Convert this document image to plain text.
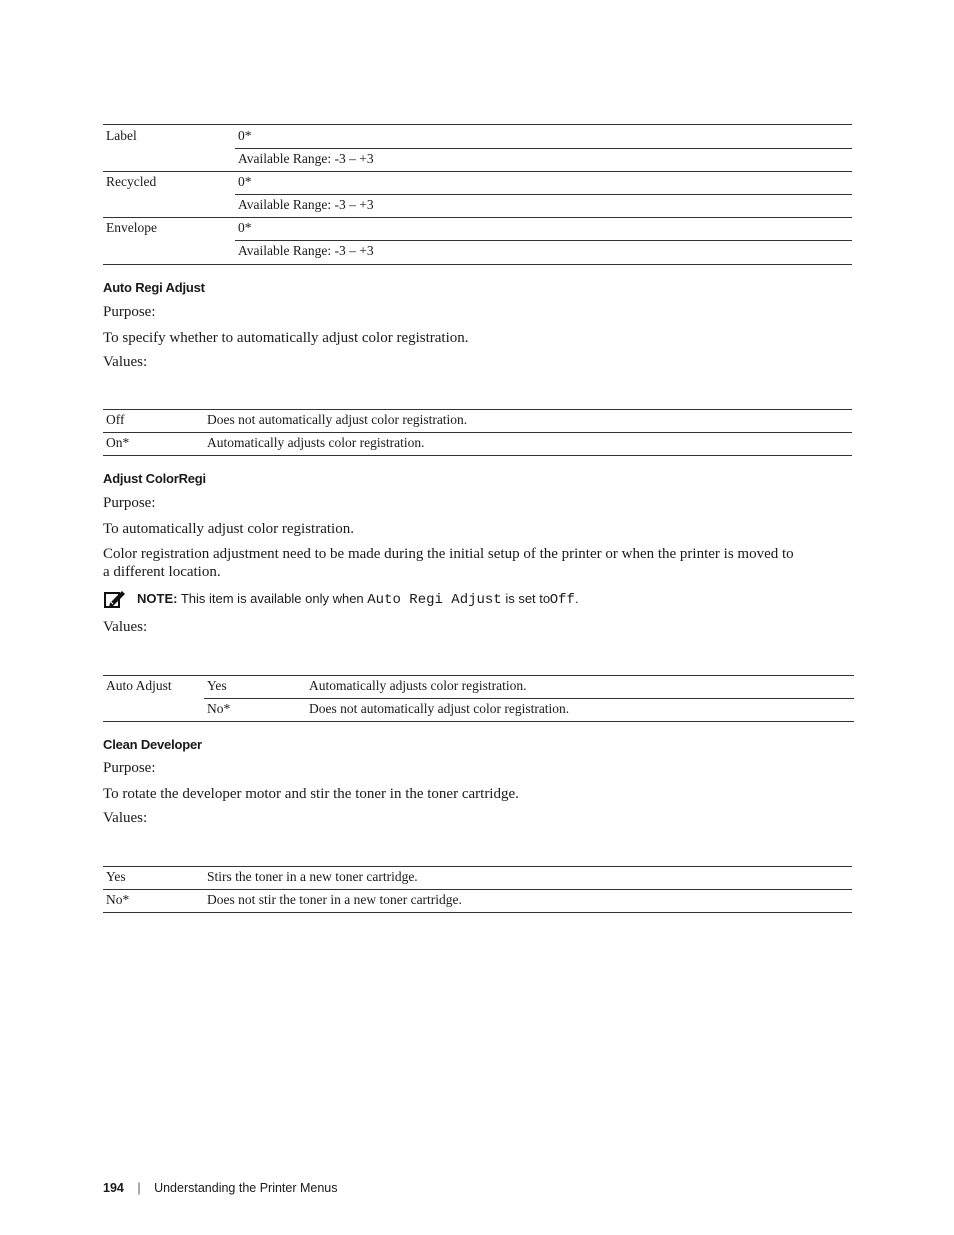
Label	0*
	Available Range: -3 – +3
Recycled	0*
	Available Range: -3 – +3
Envelope	0*
	Available Range: -3 – +3
Auto Regi Adjust
Purpose:
To specify whether to automatically adjust color registration.
Values:
Off	Does not automatically adjust color registration.
On*	Automatically adjusts color registration.
Adjust ColorRegi
Purpose:
To automatically adjust color registration.
Color registration adjustment need to be made during the initial setup of the printer or when the printer is moved to
a different location.
NOTE: This item is available only when Auto Regi Adjust is set to Off.
Values:
Auto Adjust	Yes	Automatically adjusts color registration.
	No*	Does not automatically adjust color registration.
Clean Developer
Purpose:
To rotate the developer motor and stir the toner in the toner cartridge.
Values:
Yes	Stirs the toner in a new toner cartridge.
No*	Does not stir the toner in a new toner cartridge.
194 | Understanding the Printer Menus
